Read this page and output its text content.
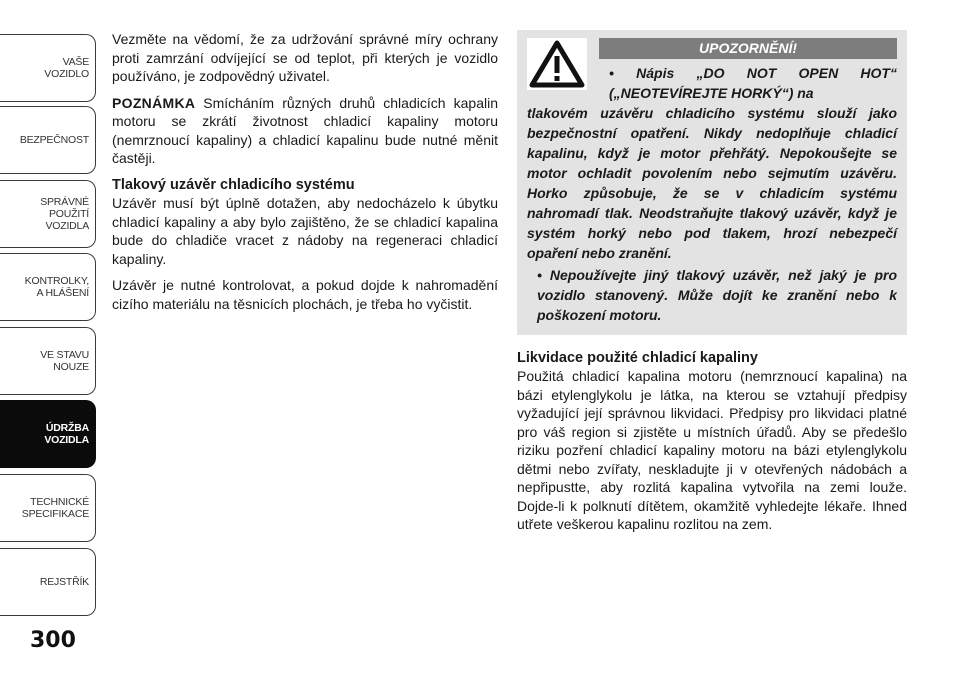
VAŠE
VOZIDLO
BEZPEČNOST
SPRÁVNÉ
POUŽITÍ
VOZIDLA
KONTROLKY,
A HLÁŠENÍ
VE STAVU
NOUZE
ÚDRŽBA
VOZIDLA
TECHNICKÉ
SPECIFIKACE
REJSTŘÍK
300

Vezměte na vědomí, že za udržování správné míry ochrany proti zamrzání odvíjející se od teplot, při kterých je vozidlo používáno, je zodpovědný uživatel.

POZNÁMKA Smícháním různých druhů chladicích kapalin motoru se zkrátí životnost chladicí kapaliny motoru (nemrznoucí kapaliny) a chladicí kapalinu bude nutné měnit častěji.

Tlakový uzávěr chladicího systému

Uzávěr musí být úplně dotažen, aby nedocházelo k úbytku chladicí kapaliny a aby bylo zajištěno, že se chladicí kapalina bude do chladiče vracet z nádoby na regeneraci chladicí kapaliny.

Uzávěr je nutné kontrolovat, a pokud dojde k nahromadění cizího materiálu na těsnicích plochách, je třeba ho vyčistit.

UPOZORNĚNÍ!

• Nápis „DO NOT OPEN HOT“ („NEOTEVÍREJTE HORKÝ“) na

tlakovém uzávěru chladicího systému slouží jako bezpečnostní opatření. Nikdy nedoplňuje chladicí kapalinu, když je motor přehřátý. Nepokoušejte se motor ochladit povolením nebo sejmutím uzávěru. Horko způsobuje, že se v chladicím systému nahromadí tlak. Neodstraňujte tlakový uzávěr, když je systém horký nebo pod tlakem, hrozí nebezpečí opaření nebo zranění.

• Nepoužívejte jiný tlakový uzávěr, než jaký je pro vozidlo stanovený. Může dojít ke zranění nebo k poškození motoru.

Likvidace použité chladicí kapaliny

Použitá chladicí kapalina motoru (nemrznoucí kapalina) na bázi etylenglykolu je látka, na kterou se vztahují předpisy vyžadující její správnou likvidaci. Předpisy pro likvidaci platné pro váš region si zjistěte u místních úřadů. Aby se předešlo riziku pozření chladicí kapaliny motoru na bázi etylenglykolu dětmi nebo zvířaty, neskladujte ji v otevřených nádobách a nepřipustte, aby rozlitá kapalina vytvořila na zemi louže. Dojde-li k polknutí dítětem, okamžitě vyhledejte lékaře. Ihned utřete veškerou kapalinu rozlitou na zem.
